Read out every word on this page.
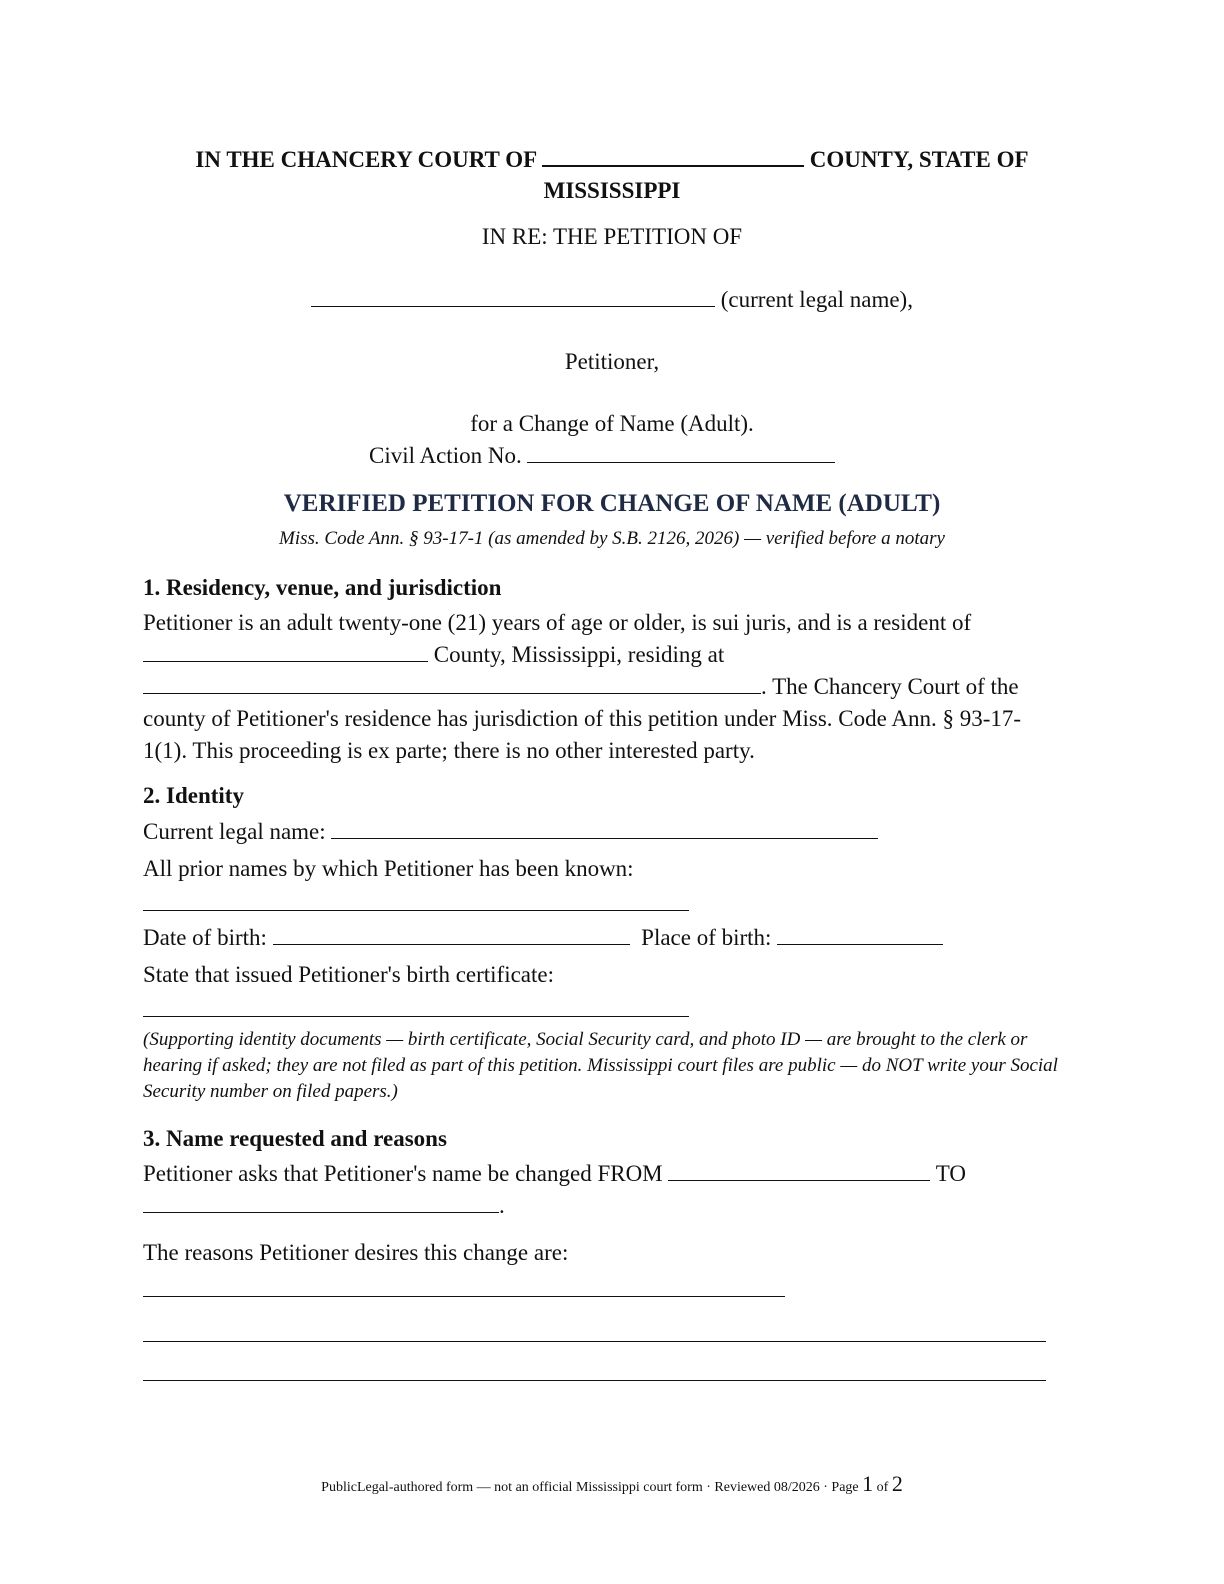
IN THE CHANCERY COURT OF	COUNTY, STATE OF
MISSISSIPPI
IN RE: THE PETITION OF
(current legal name),
Petitioner,
for a Change of Name (Adult).
Civil Action No.
VERIFIED PETITION FOR CHANGE OF NAME (ADULT)
Miss. Code Ann. § 93-17-1 (as amended by S.B. 2126, 2026) — verified before a notary
1. Residency, venue, and jurisdiction
Petitioner is an adult twenty-one (21) years of age or older, is sui juris, and is a resident of
County, Mississippi, residing at
. The Chancery Court of the
county of Petitioner's residence has jurisdiction of this petition under Miss. Code Ann. § 93-17-
1(1). This proceeding is ex parte; there is no other interested party.
2. Identity
Current legal name:
All prior names by which Petitioner has been known:
Date of birth:	Place of birth:
State that issued Petitioner's birth certificate:
(Supporting identity documents — birth certificate, Social Security card, and photo ID — are brought to the clerk or hearing if asked; they are not filed as part of this petition. Mississippi court files are public — do NOT write your Social Security number on filed papers.)
3. Name requested and reasons
Petitioner asks that Petitioner's name be changed FROM	TO
.
The reasons Petitioner desires this change are:
PublicLegal-authored form — not an official Mississippi court form · Reviewed 08/2026 · Page 1 of 2
